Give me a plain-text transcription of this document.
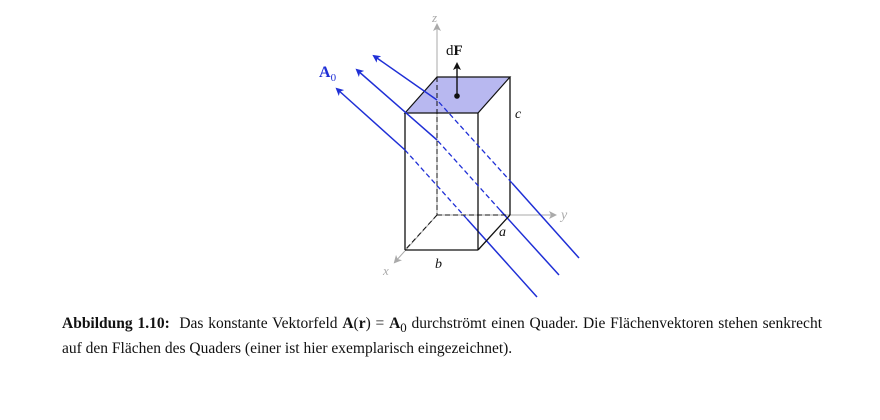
z
y
x
$A_0$
dF
c
a
b
Abbildung 1.10: Das konstante Vektorfeld $A(r) = A_0$ durchströmt einen Quader. Die Flächenvektoren stehen senkrecht auf den Flächen des Quaders (einer ist hier exemplarisch eingezeichnet).
